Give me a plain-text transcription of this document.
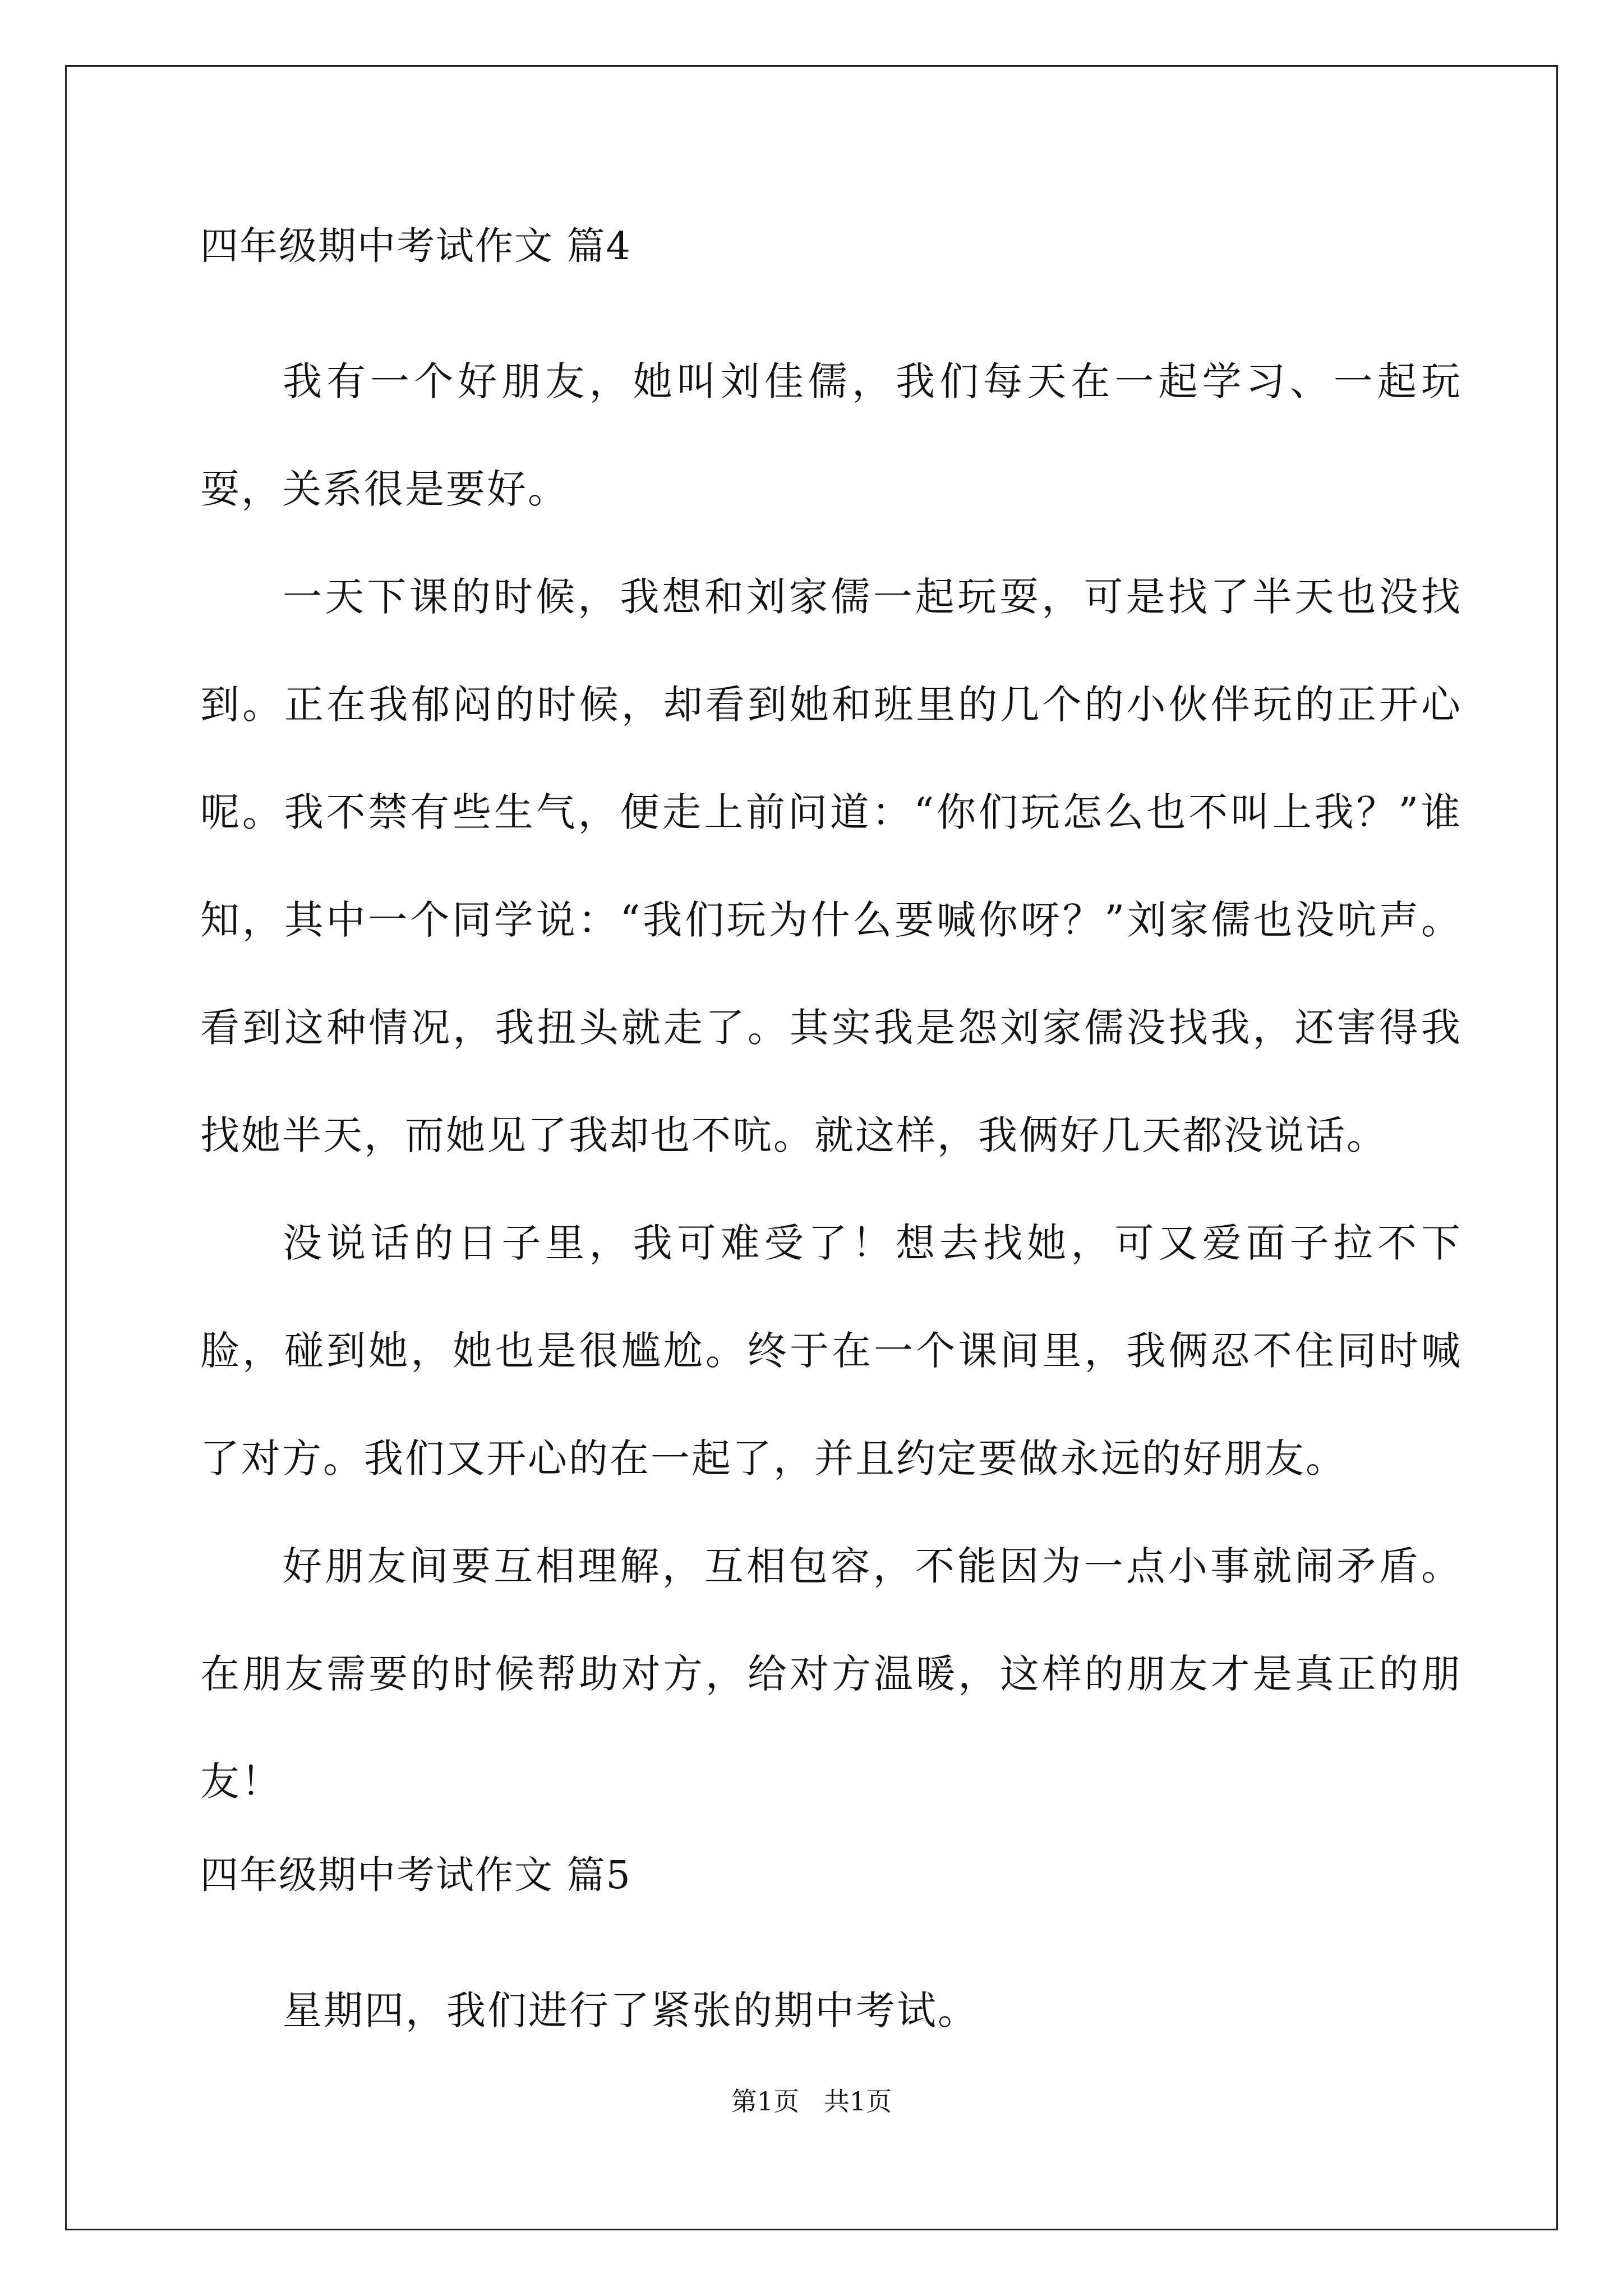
四年级期中考试作文 篇4

我有一个好朋友，她叫刘佳儒，我们每天在一起学习、一起玩耍，关系很是要好。

一天下课的时候，我想和刘家儒一起玩耍，可是找了半天也没找到。正在我郁闷的时候，却看到她和班里的几个的小伙伴玩的正开心呢。我不禁有些生气，便走上前问道：“你们玩怎么也不叫上我？”谁知，其中一个同学说：“我们玩为什么要喊你呀？”刘家儒也没吭声。看到这种情况，我扭头就走了。其实我是怨刘家儒没找我，还害得我找她半天，而她见了我却也不吭。就这样，我俩好几天都没说话。

没说话的日子里，我可难受了！想去找她，可又爱面子拉不下脸，碰到她，她也是很尴尬。终于在一个课间里，我俩忍不住同时喊了对方。我们又开心的在一起了，并且约定要做永远的好朋友。

好朋友间要互相理解，互相包容，不能因为一点小事就闹矛盾。在朋友需要的时候帮助对方，给对方温暖，这样的朋友才是真正的朋友！

四年级期中考试作文 篇5

星期四，我们进行了紧张的期中考试。

第1页   共1页
